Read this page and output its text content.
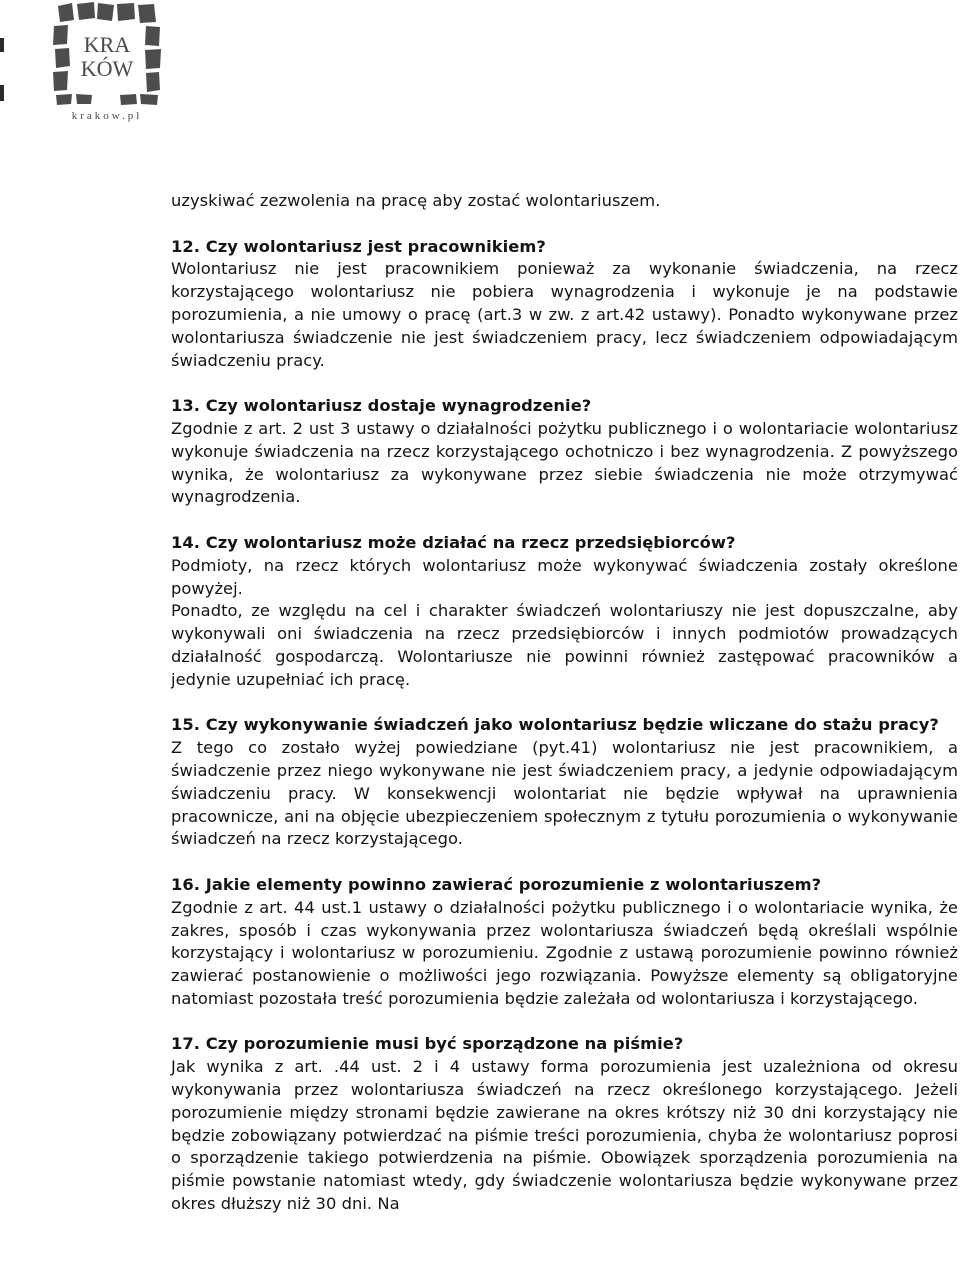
KRA
KÓW
krakow.pl

uzyskiwać zezwolenia na pracę aby zostać wolontariuszem.

12. Czy wolontariusz jest pracownikiem?

Wolontariusz nie jest pracownikiem ponieważ za wykonanie świadczenia, na rzecz korzystającego wolontariusz nie pobiera wynagrodzenia i wykonuje je na podstawie porozumienia, a nie umowy o pracę (art.3 w zw. z art.42 ustawy). Ponadto wykonywane przez wolontariusza świadczenie nie jest świadczeniem pracy, lecz świadczeniem odpowiadającym świadczeniu pracy.

13. Czy wolontariusz dostaje wynagrodzenie?

Zgodnie z art. 2 ust 3 ustawy o działalności pożytku publicznego i o wolontariacie wolontariusz wykonuje świadczenia na rzecz korzystającego ochotniczo i bez wynagrodzenia. Z powyższego wynika, że wolontariusz za wykonywane przez siebie świadczenia nie może otrzymywać wynagrodzenia.

14. Czy wolontariusz może działać na rzecz przedsiębiorców?

Podmioty, na rzecz których wolontariusz może wykonywać świadczenia zostały określone powyżej.

Ponadto, ze względu na cel i charakter świadczeń wolontariuszy nie jest dopuszczalne, aby wykonywali oni świadczenia na rzecz przedsiębiorców i innych podmiotów prowadzących działalność gospodarczą. Wolontariusze nie powinni również zastępować pracowników a jedynie uzupełniać ich pracę.

15. Czy wykonywanie świadczeń jako wolontariusz będzie wliczane do stażu pracy?

Z tego co zostało wyżej powiedziane (pyt.41) wolontariusz nie jest pracownikiem, a świadczenie przez niego wykonywane nie jest świadczeniem pracy, a jedynie odpowiadającym świadczeniu pracy. W konsekwencji wolontariat nie będzie wpływał na uprawnienia pracownicze, ani na objęcie ubezpieczeniem społecznym z tytułu porozumienia o wykonywanie świadczeń na rzecz korzystającego.

16. Jakie elementy powinno zawierać porozumienie z wolontariuszem?

Zgodnie z art. 44 ust.1 ustawy o działalności pożytku publicznego i o wolontariacie wynika, że zakres, sposób i czas wykonywania przez wolontariusza świadczeń będą określali wspólnie korzystający i wolontariusz w porozumieniu. Zgodnie z ustawą porozumienie powinno również zawierać postanowienie o możliwości jego rozwiązania. Powyższe elementy są obligatoryjne natomiast pozostała treść porozumienia będzie zależała od wolontariusza i korzystającego.

17. Czy porozumienie musi być sporządzone na piśmie?

Jak wynika z art. .44 ust. 2 i 4 ustawy forma porozumienia jest uzależniona od okresu wykonywania przez wolontariusza świadczeń na rzecz określonego korzystającego. Jeżeli porozumienie między stronami będzie zawierane na okres krótszy niż 30 dni korzystający nie będzie zobowiązany potwierdzać na piśmie treści porozumienia, chyba że wolontariusz poprosi o sporządzenie takiego potwierdzenia na piśmie. Obowiązek sporządzenia porozumienia na piśmie powstanie natomiast wtedy, gdy świadczenie wolontariusza będzie wykonywane przez okres dłuższy niż 30 dni. Na
